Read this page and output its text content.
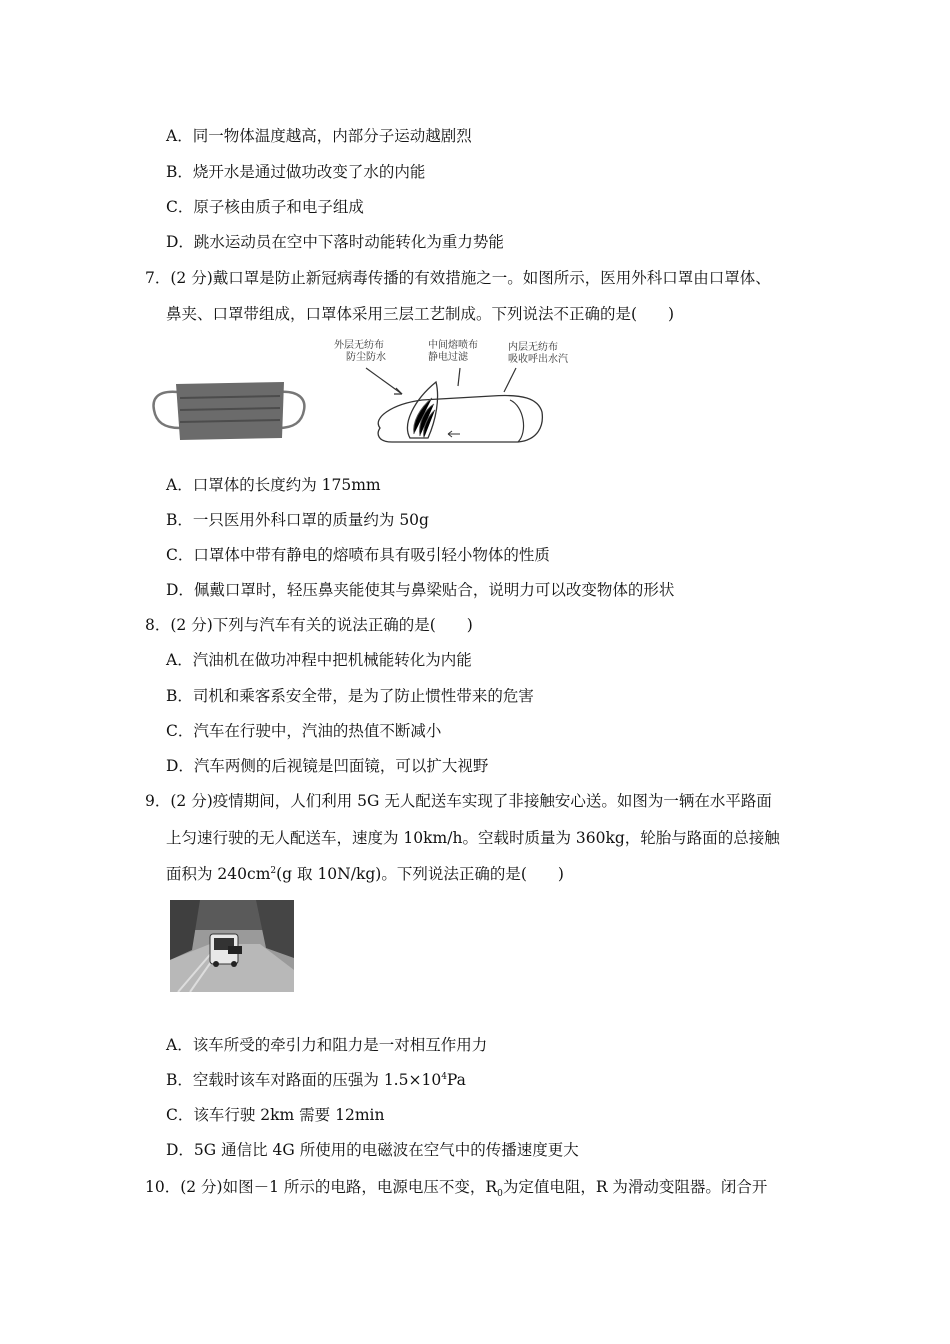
A．同一物体温度越高，内部分子运动越剧烈
B．烧开水是通过做功改变了水的内能
C．原子核由质子和电子组成
D．跳水运动员在空中下落时动能转化为重力势能
7．(2 分)戴口罩是防止新冠病毒传播的有效措施之一。如图所示，医用外科口罩由口罩体、
鼻夹、口罩带组成，口罩体采用三层工艺制成。下列说法不正确的是(　　)
外层无纺布
防尘防水
中间熔喷布
静电过滤
内层无纺布
吸收呼出水汽
A．口罩体的长度约为 175mm
B．一只医用外科口罩的质量约为 50g
C．口罩体中带有静电的熔喷布具有吸引轻小物体的性质
D．佩戴口罩时，轻压鼻夹能使其与鼻梁贴合，说明力可以改变物体的形状
8．(2 分)下列与汽车有关的说法正确的是(　　)
A．汽油机在做功冲程中把机械能转化为内能
B．司机和乘客系安全带，是为了防止惯性带来的危害
C．汽车在行驶中，汽油的热值不断减小
D．汽车两侧的后视镜是凹面镜，可以扩大视野
9．(2 分)疫情期间，人们利用 5G 无人配送车实现了非接触安心送。如图为一辆在水平路面
上匀速行驶的无人配送车，速度为 10km/h。空载时质量为 360kg，轮胎与路面的总接触
面积为 $240cm^2(g$ 取 10N/kg)。下列说法正确的是(　　)
A．该车所受的牵引力和阻力是一对相互作用力
B．空载时该车对路面的压强为 $1.5\times 10^4Pa$
C．该车行驶 2km 需要 12min
D．5G 通信比 4G 所使用的电磁波在空气中的传播速度更大
10．(2 分)如图－1 所示的电路，电源电压不变，$R_0$为定值电阻，R 为滑动变阻器。闭合开
